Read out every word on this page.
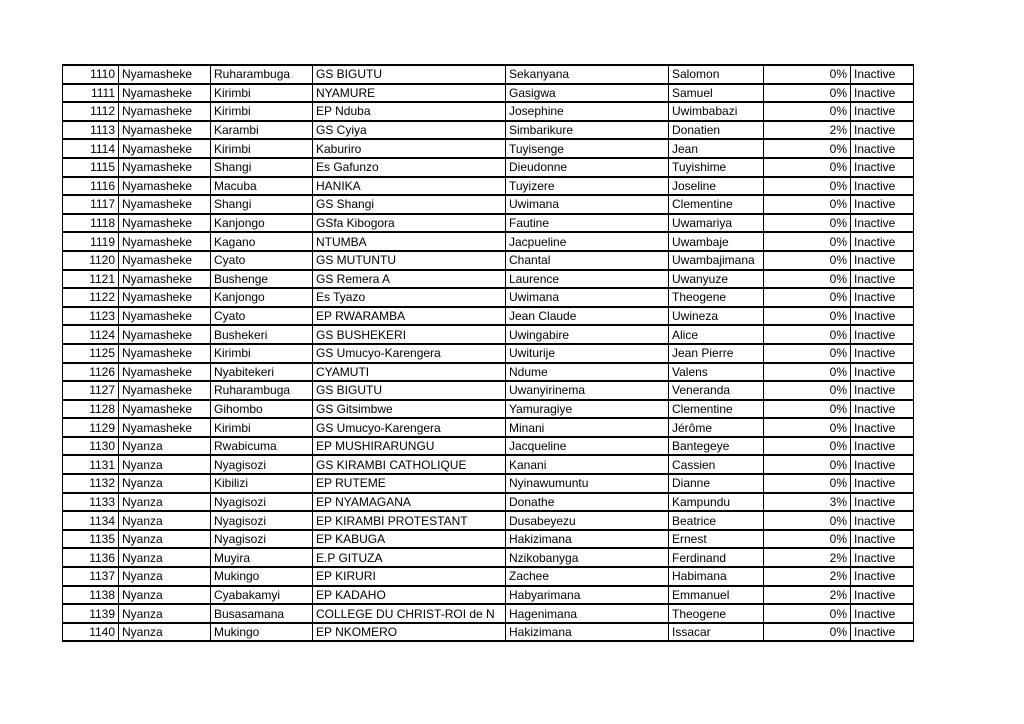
1110	Nyamasheke	Ruharambuga	GS BIGUTU	Sekanyana	Salomon	0%	Inactive
1111	Nyamasheke	Kirimbi	NYAMURE	Gasigwa	Samuel	0%	Inactive
1112	Nyamasheke	Kirimbi	EP Nduba	Josephine	Uwimbabazi	0%	Inactive
1113	Nyamasheke	Karambi	GS Cyiya	Simbarikure	Donatien	2%	Inactive
1114	Nyamasheke	Kirimbi	Kaburiro	Tuyisenge	Jean	0%	Inactive
1115	Nyamasheke	Shangi	Es Gafunzo	Dieudonne	Tuyishime	0%	Inactive
1116	Nyamasheke	Macuba	HANIKA	Tuyizere	Joseline	0%	Inactive
1117	Nyamasheke	Shangi	GS Shangi	Uwimana	Clementine	0%	Inactive
1118	Nyamasheke	Kanjongo	GSfa Kibogora	Fautine	Uwamariya	0%	Inactive
1119	Nyamasheke	Kagano	NTUMBA	Jacpueline	Uwambaje	0%	Inactive
1120	Nyamasheke	Cyato	GS MUTUNTU	Chantal	Uwambajimana	0%	Inactive
1121	Nyamasheke	Bushenge	GS Remera A	Laurence	Uwanyuze	0%	Inactive
1122	Nyamasheke	Kanjongo	Es Tyazo	Uwimana	Theogene	0%	Inactive
1123	Nyamasheke	Cyato	EP RWARAMBA	Jean Claude	Uwineza	0%	Inactive
1124	Nyamasheke	Bushekeri	GS BUSHEKERI	Uwingabire	Alice	0%	Inactive
1125	Nyamasheke	Kirimbi	GS Umucyo-Karengera	Uwiturije	Jean Pierre	0%	Inactive
1126	Nyamasheke	Nyabitekeri	CYAMUTI	Ndume	Valens	0%	Inactive
1127	Nyamasheke	Ruharambuga	GS BIGUTU	Uwanyirinema	Veneranda	0%	Inactive
1128	Nyamasheke	Gihombo	GS Gitsimbwe	Yamuragiye	Clementine	0%	Inactive
1129	Nyamasheke	Kirimbi	GS Umucyo-Karengera	Minani	Jérôme	0%	Inactive
1130	Nyanza	Rwabicuma	EP MUSHIRARUNGU	Jacqueline	Bantegeye	0%	Inactive
1131	Nyanza	Nyagisozi	GS KIRAMBI CATHOLIQUE	Kanani	Cassien	0%	Inactive
1132	Nyanza	Kibilizi	EP RUTEME	Nyinawumuntu	Dianne	0%	Inactive
1133	Nyanza	Nyagisozi	EP NYAMAGANA	Donathe	Kampundu	3%	Inactive
1134	Nyanza	Nyagisozi	EP KIRAMBI PROTESTANT	Dusabeyezu	Beatrice	0%	Inactive
1135	Nyanza	Nyagisozi	EP KABUGA	Hakizimana	Ernest	0%	Inactive
1136	Nyanza	Muyira	E.P GITUZA	Nzikobanyga	Ferdinand	2%	Inactive
1137	Nyanza	Mukingo	EP KIRURI	Zachee	Habimana	2%	Inactive
1138	Nyanza	Cyabakamyi	EP KADAHO	Habyarimana	Emmanuel	2%	Inactive
1139	Nyanza	Busasamana	COLLEGE DU CHRIST-ROI de N	Hagenimana	Theogene	0%	Inactive
1140	Nyanza	Mukingo	EP NKOMERO	Hakizimana	Issacar	0%	Inactive
